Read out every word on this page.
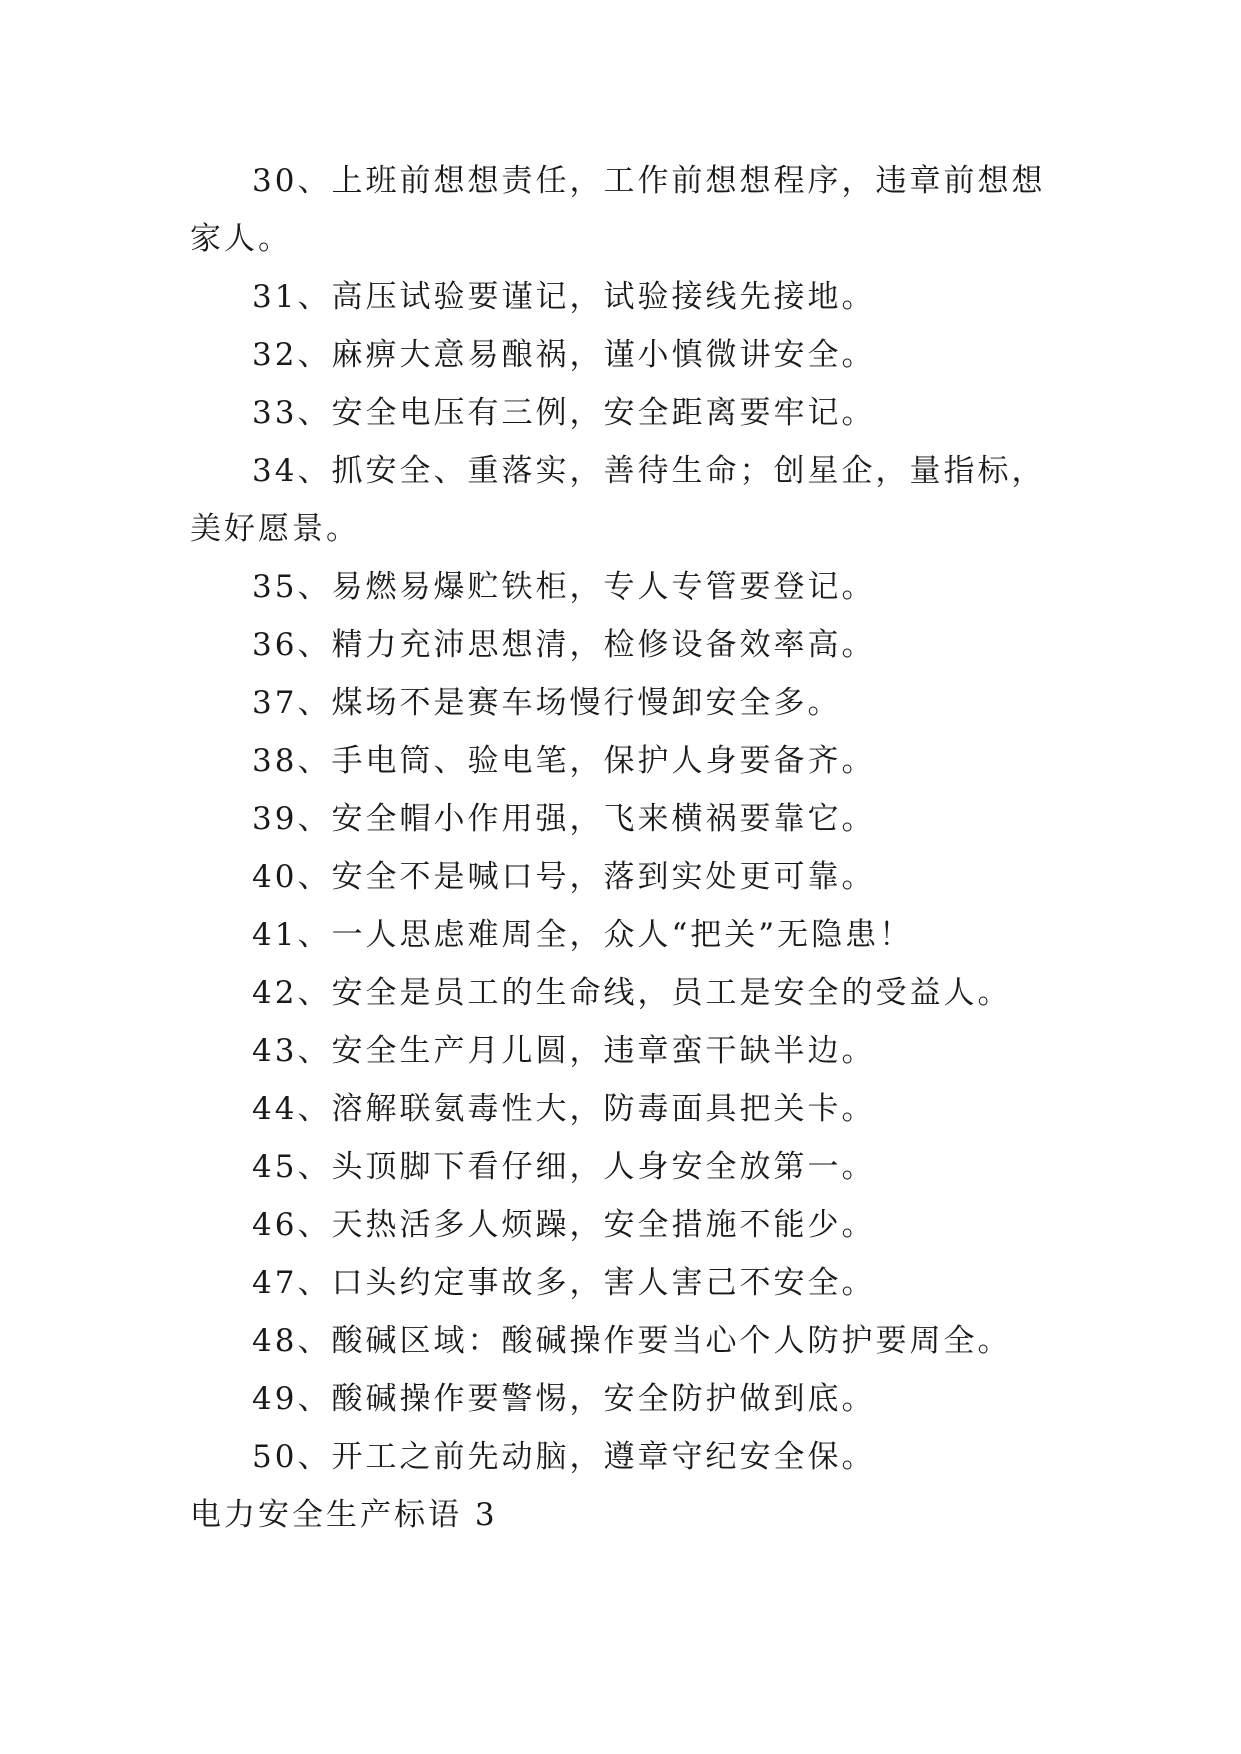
30、上班前想想责任，工作前想想程序，违章前想想家人。

31、高压试验要谨记，试验接线先接地。

32、麻痹大意易酿祸，谨小慎微讲安全。

33、安全电压有三例，安全距离要牢记。

34、抓安全、重落实，善待生命；创星企，量指标，美好愿景。

35、易燃易爆贮铁柜，专人专管要登记。

36、精力充沛思想清，检修设备效率高。

37、煤场不是赛车场慢行慢卸安全多。

38、手电筒、验电笔，保护人身要备齐。

39、安全帽小作用强，飞来横祸要靠它。

40、安全不是喊口号，落到实处更可靠。

41、一人思虑难周全，众人“把关”无隐患！

42、安全是员工的生命线，员工是安全的受益人。

43、安全生产月儿圆，违章蛮干缺半边。

44、溶解联氨毒性大，防毒面具把关卡。

45、头顶脚下看仔细，人身安全放第一。

46、天热活多人烦躁，安全措施不能少。

47、口头约定事故多，害人害己不安全。

48、酸碱区域：酸碱操作要当心个人防护要周全。

49、酸碱操作要警惕，安全防护做到底。

50、开工之前先动脑，遵章守纪安全保。

电力安全生产标语 3
